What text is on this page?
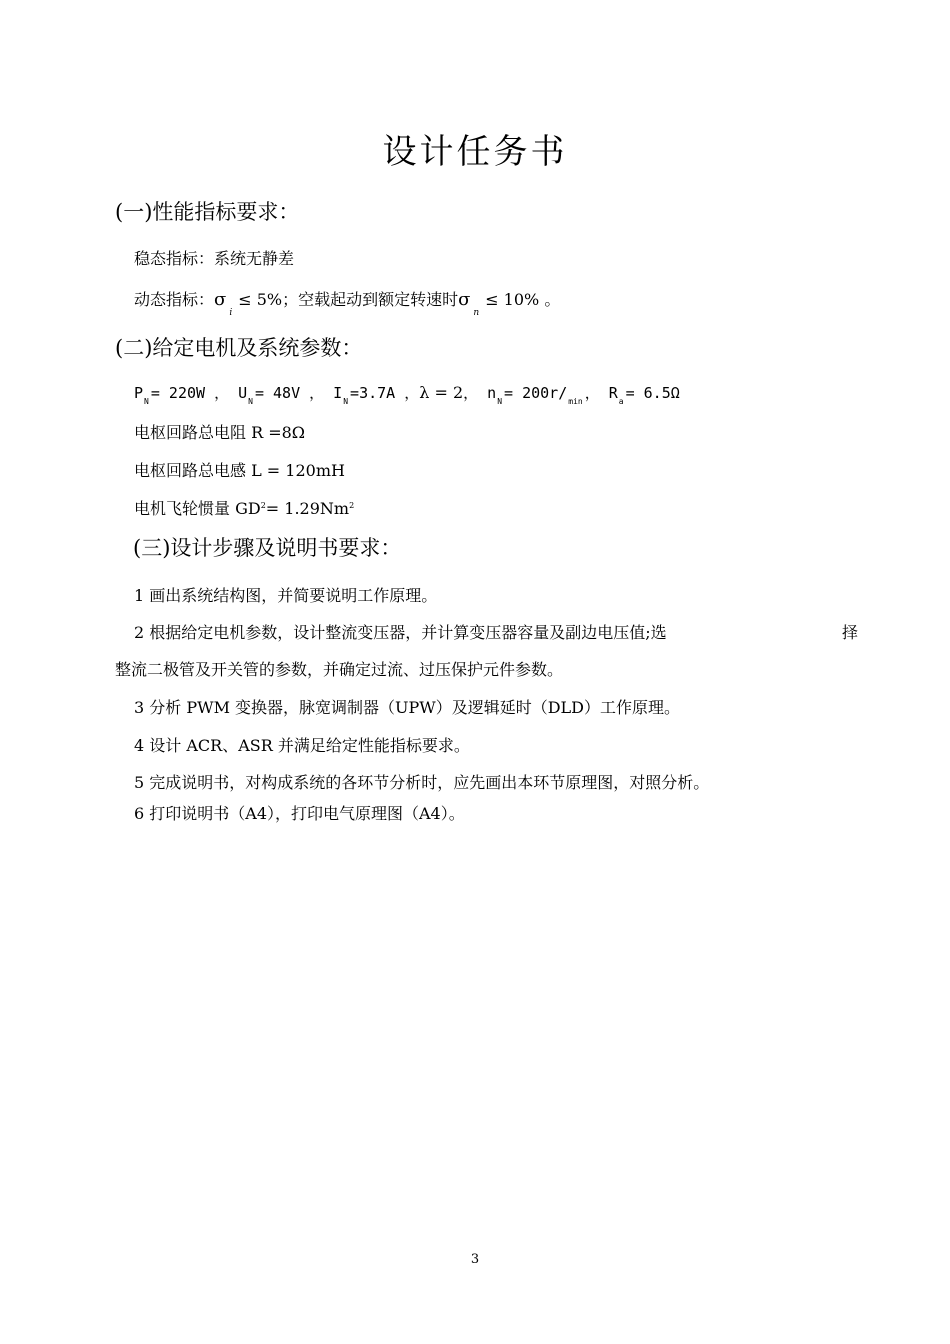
设计任务书
(一)性能指标要求：
稳态指标：系统无静差
动态指标：$\sigma_i\le 5\%$；空载起动到额定转速时$\sigma_n\le 10\%$ 。
(二)给定电机及系统参数：
$P_N = 220W$ ， $U_N = 48V$ ， $I_N =3.7A$ ，λ = 2， $n_N = 200r/_{min}$ ， $R_a = 6.5\Omega$
电枢回路总电阻 R =8Ω
电枢回路总电感 L = 120mH
电机飞轮惯量 $GD^2= 1.29Nm^2$
(三)设计步骤及说明书要求：
1 画出系统结构图，并简要说明工作原理。
2 根据给定电机参数，设计整流变压器，并计算变压器容量及副边电压值;选	择
整流二极管及开关管的参数，并确定过流、过压保护元件参数。
3 分析 PWM 变换器，脉宽调制器（UPW）及逻辑延时（DLD）工作原理。
4 设计 ACR、ASR 并满足给定性能指标要求。
5 完成说明书，对构成系统的各环节分析时，应先画出本环节原理图，对照分析。
6 打印说明书（A4），打印电气原理图（A4）。
3
